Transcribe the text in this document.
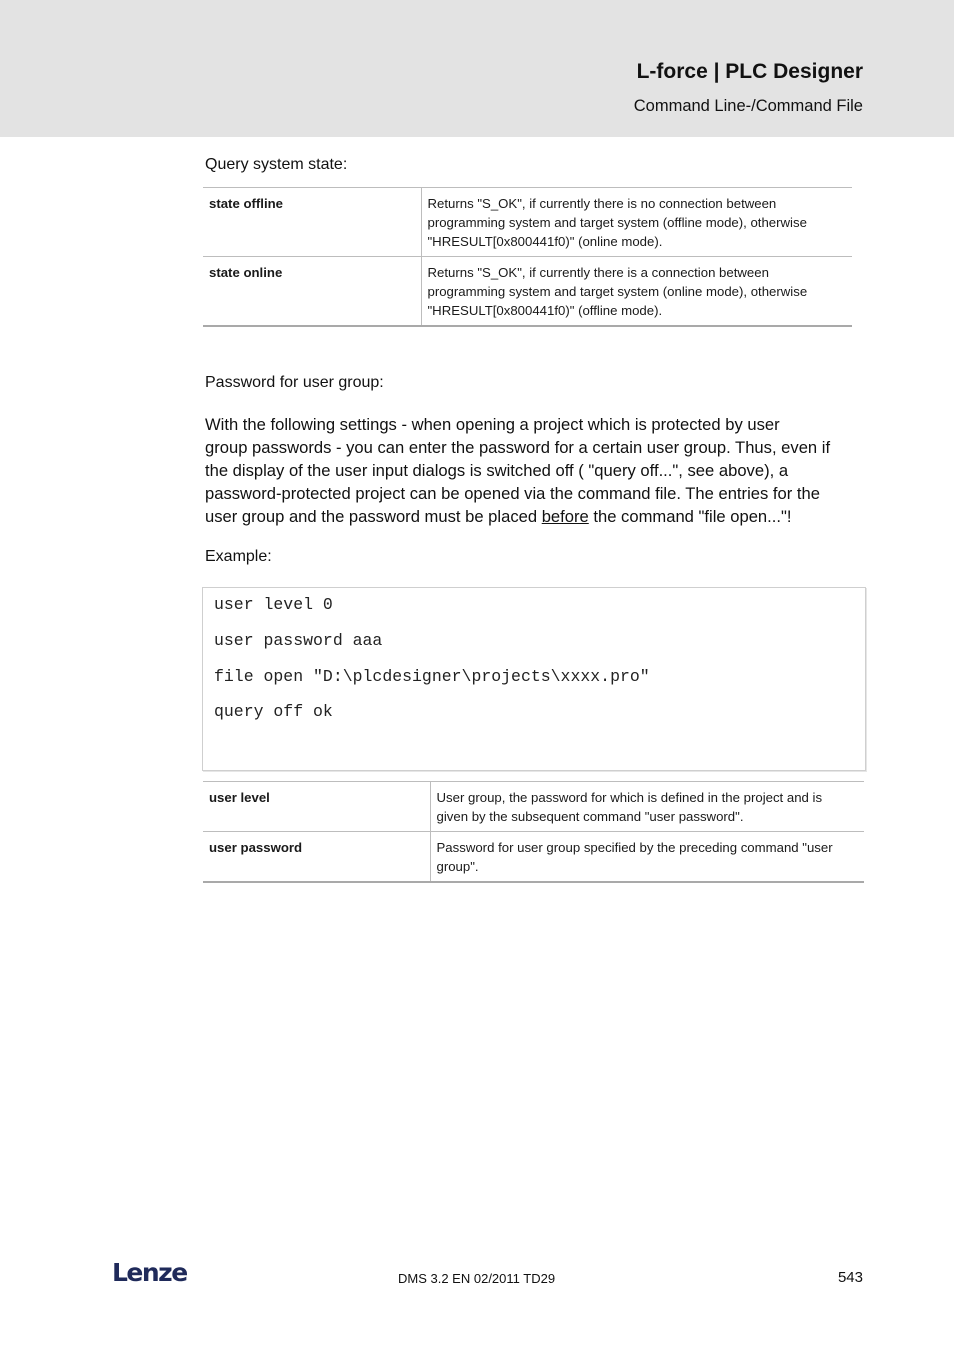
L-force | PLC Designer
Command Line-/Command File
Query system state:
state offline	Returns "S_OK", if currently there is no connection between
programming system and target system (offline mode), otherwise
"HRESULT[0x800441f0)" (online mode).

state online	Returns "S_OK", if currently there is a connection between
programming system and target system (online mode), otherwise
"HRESULT[0x800441f0)" (offline mode).
Password for user group:
With the following settings - when opening a project which is protected by user
group passwords - you can enter the password for a certain user group. Thus, even if
the display of the user input dialogs is switched off ( "query off...", see above), a
password-protected project can be opened via the command file. The entries for the
user group and the password must be placed before the command "file open..."!
Example:
user level 0
user password aaa
file open "D:\plcdesigner\projects\xxxx.pro"
query off ok
user level	User group, the password for which is defined in the project and is
given by the subsequent command "user password".

user password	Password for user group specified by the preceding command "user
group".
Lenze	DMS 3.2 EN 02/2011 TD29	543
